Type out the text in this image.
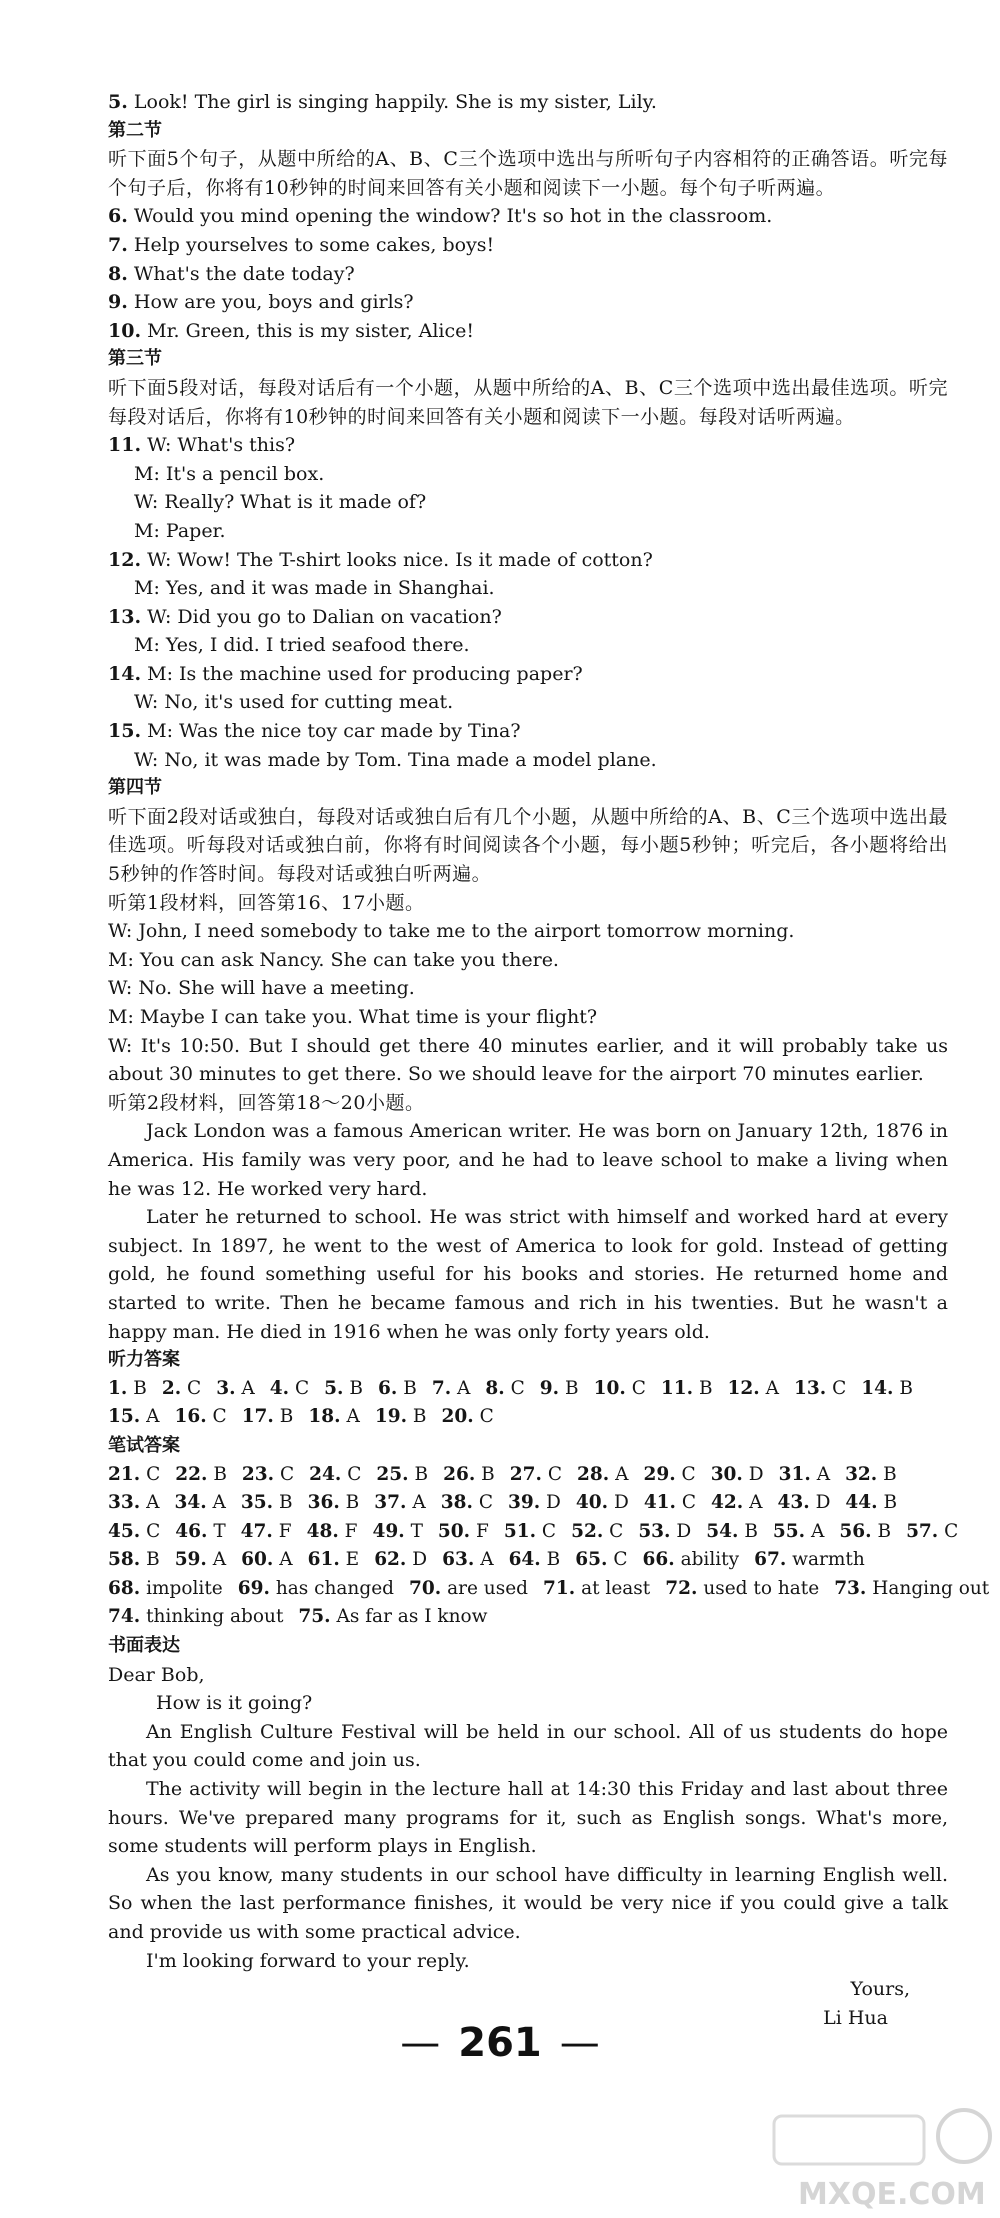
5. Look! The girl is singing happily. She is my sister, Lily.
第二节
听下面5个句子，从题中所给的A、B、C三个选项中选出与所听句子内容相符的正确答语。听完每个句子后，你将有10秒钟的时间来回答有关小题和阅读下一小题。每个句子听两遍。
6. Would you mind opening the window? It's so hot in the classroom.
7. Help yourselves to some cakes, boys!
8. What's the date today?
9. How are you, boys and girls?
10. Mr. Green, this is my sister, Alice!
第三节
听下面5段对话，每段对话后有一个小题，从题中所给的A、B、C三个选项中选出最佳选项。听完每段对话后，你将有10秒钟的时间来回答有关小题和阅读下一小题。每段对话听两遍。
11. W: What's this?
M: It's a pencil box.
W: Really? What is it made of?
M: Paper.
12. W: Wow! The T-shirt looks nice. Is it made of cotton?
M: Yes, and it was made in Shanghai.
13. W: Did you go to Dalian on vacation?
M: Yes, I did. I tried seafood there.
14. M: Is the machine used for producing paper?
W: No, it's used for cutting meat.
15. M: Was the nice toy car made by Tina?
W: No, it was made by Tom. Tina made a model plane.
第四节
听下面2段对话或独白，每段对话或独白后有几个小题，从题中所给的A、B、C三个选项中选出最佳选项。听每段对话或独白前，你将有时间阅读各个小题，每小题5秒钟；听完后，各小题将给出5秒钟的作答时间。每段对话或独白听两遍。
听第1段材料，回答第16、17小题。
W: John, I need somebody to take me to the airport tomorrow morning.
M: You can ask Nancy. She can take you there.
W: No. She will have a meeting.
M: Maybe I can take you. What time is your flight?
W: It's 10:50. But I should get there 40 minutes earlier, and it will probably take us about 30 minutes to get there. So we should leave for the airport 70 minutes earlier.
听第2段材料，回答第18～20小题。
Jack London was a famous American writer. He was born on January 12th, 1876 in America. His family was very poor, and he had to leave school to make a living when he was 12. He worked very hard.
Later he returned to school. He was strict with himself and worked hard at every subject. In 1897, he went to the west of America to look for gold. Instead of getting gold, he found something useful for his books and stories. He returned home and started to write. Then he became famous and rich in his twenties. But he wasn't a happy man. He died in 1916 when he was only forty years old.
听力答案
1. B 2. C 3. A 4. C 5. B 6. B 7. A 8. C 9. B 10. C 11. B 12. A 13. C 14. B
15. A 16. C 17. B 18. A 19. B 20. C
笔试答案
21. C 22. B 23. C 24. C 25. B 26. B 27. C 28. A 29. C 30. D 31. A 32. B
33. A 34. A 35. B 36. B 37. A 38. C 39. D 40. D 41. C 42. A 43. D 44. B
45. C 46. T 47. F 48. F 49. T 50. F 51. C 52. C 53. D 54. B 55. A 56. B 57. C
58. B 59. A 60. A 61. E 62. D 63. A 64. B 65. C 66. ability 67. warmth
68. impolite 69. has changed 70. are used 71. at least 72. used to hate 73. Hanging out
74. thinking about 75. As far as I know
书面表达
Dear Bob,
How is it going?
An English Culture Festival will be held in our school. All of us students do hope that you could come and join us.
The activity will begin in the lecture hall at 14:30 this Friday and last about three hours. We've prepared many programs for it, such as English songs. What's more, some students will perform plays in English.
As you know, many students in our school have difficulty in learning English well. So when the last performance finishes, it would be very nice if you could give a talk and provide us with some practical advice.
I'm looking forward to your reply.
Yours,
Li Hua
— 261 —
MXQE.COM
